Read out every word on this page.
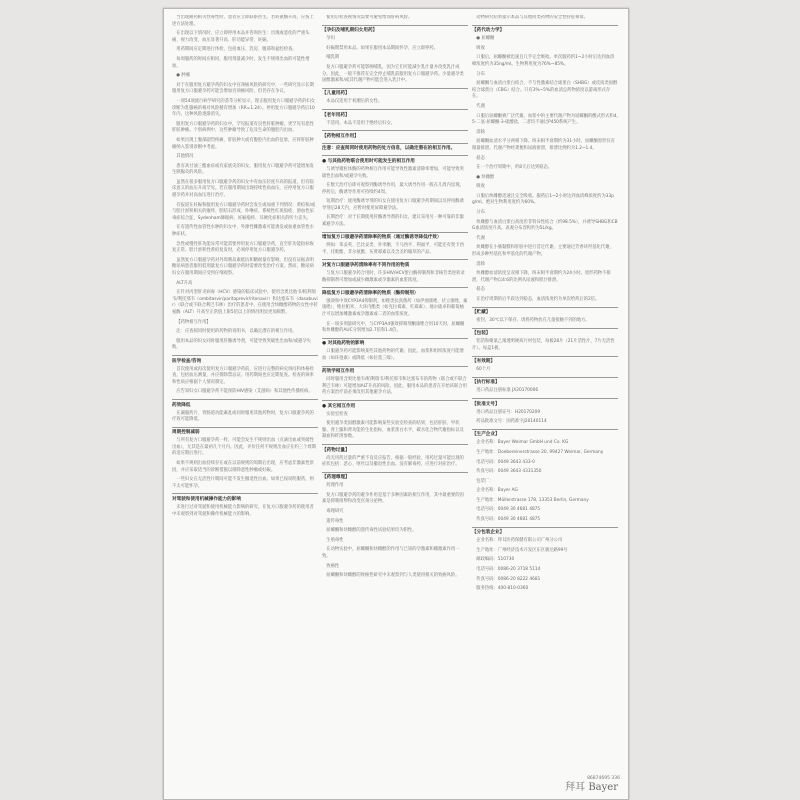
当出现耐药相关性毒性时，患者应立即联系医生。若转氨酶升高，应按上述方法处理。
在出现以下情况时，应立即停用本品并咨询医生：出现或恶化的严重头痛、视力改变、血压显著升高、肝功能异常、妊娠。
用药期间应定期进行体检，包括血压、乳房、腹部和盆腔检查。
每周服药的时间应相同，服用剂量减少时，发生不规则出血的可能性增加。
● 肿瘤
对于在服用复方避孕药的妇女中宫颈癌风险的研究中，一些研究显示长期服用复方口服避孕药可能会增加宫颈癌风险，但仍存在争议。
一项54项流行病学研究的荟萃分析显示，现正服用复方口服避孕药的妇女诊断为乳腺癌的相对风险稍有增加（RR=1.24）。停用复方口服避孕药后10年内，这种风险逐渐消失。
服用复方口服避孕药的妇女中，罕见报道有良性肝脏肿瘤，更罕见有恶性肝脏肿瘤。个别病例中，这些肿瘤导致了危及生命的腹腔内出血。
如果出现上腹部剧烈疼痛、肝脏肿大或有腹腔内出血的征象，应将肝脏肿瘤纳入鉴别诊断中考虑。
其他情况
患有高甘油三酯血症或有家族史的妇女，服用复方口服避孕药可能增加发生胰腺炎的风险。
虽然在很多服用复方口服避孕药的妇女中有血压轻度升高的报道，但有临床意义的血压升高罕见。若在服用期间出现持续性高血压，应停用复方口服避孕药并对高血压进行治疗。
有报道在妊娠和服用复方口服避孕药时会发生或加重下列情况：黄疸和/或与胆汁淤积相关的瘙痒、胆结石形成、卟啉症、系统性红斑狼疮、溶血性尿毒症综合征、Sydenham舞蹈病、妊娠疱疹、耳硬化症相关的听力丧失。
在有遗传性血管性水肿的妇女中，外源性雌激素可能诱发或加重血管性水肿症状。
急性或慢性肝功能异常可能需要停用复方口服避孕药，直至肝功能指标恢复正常。胆汁淤积性黄疸复发时，必须停用复方口服避孕药。
虽然复方口服避孕药对外周胰岛素抵抗和糖耐量有影响，但没有证据表明糖尿病患者服用低剂量复方口服避孕药时需要改变治疗方案。然而，糖尿病妇女在服用期间应受到仔细观察。
ALT升高
在针对丙型肝炎病毒（HCV）感染的临床试验中，使用含奥比他韦/帕利瑞韦/利托那韦（ombitasvir/paritaprevir/ritonavir）和达塞布韦（dasabuvir）（联合或不联合利巴韦林）治疗的患者中，在使用含炔雌醇药物的女性中转氨酶（ALT）升高至正常值上限5倍以上的情况明显更加频繁。
【药物相互作用】
注：应查阅同时使用的药物的说明书，以确定潜在的相互作用。
服用本品的妇女同时服用肝酶诱导剂，可能导致突破性出血和/或避孕失败。
医学检查/咨询
首次使用或再次使用复方口服避孕药前，应进行完整的病史询问和体格检查，包括血压测量，并应排除禁忌证。用药期间也应定期复查。检查的频率和性质应根据个人情况制定。
应告知妇女口服避孕药不能预防HIV感染（艾滋病）和其他性传播疾病。
药效降低
在漏服药片、胃肠道功能紊乱或同时服用其他药物时，复方口服避孕药的疗效可能降低。
周期控制减弱
与所有复方口服避孕药一样，可能会发生不规则出血（点滴出血或突破性出血），尤其是在最初几个月内。因此，评价任何不规则出血应在约三个周期的适应期后进行。
如果不规则出血持续存在或在以前规则的周期后出现，应考虑非激素性原因，并应采取适当的诊断措施以排除恶性肿瘤或妊娠。
一些妇女在无活性片期间可能不发生撤退性出血。如果已按说明服药，则不太可能怀孕。
对驾驶和使用机械操作能力的影响
未进行过对驾驶和使用机械能力影响的研究。在复方口服避孕药的使用者中未观察到对驾驶和操作机械能力的影响。
使用后检查视情况需要可避免增加肝病风险。
【孕妇及哺乳期妇女用药】
孕妇
妊娠期禁用本品。如果在服用本品期间怀孕，应立即停药。
哺乳期
复方口服避孕药可能影响哺乳，因为它们可能减少乳汁量并改变乳汁成分。因此，一般不推荐在完全停止哺乳前服用复方口服避孕药。少量避孕类固醇激素和/或其代谢产物可能会进入乳汁中。
【儿童用药】
本品仅适用于初潮后的女性。
【老年用药】
不适用。本品不适用于绝经后妇女。
【药物相互作用】
注意：应查阅同时使用药物的处方信息，以确定潜在的相互作用。
● 与其他药物联合使用时可能发生的相互作用
与诱导微粒体酶的药物相互作用可能导致性激素清除率增加，可能导致突破性出血和/或避孕失败。
在数天治疗后即可观察到酶诱导作用，最大诱导作用一般在几周内显现。停药后，酶诱导作用可持续约4周。
短期治疗：使用酶诱导剂的妇女在使用复方口服避孕药期间以及停用酶诱导剂后28天内，应暂时使用屏障避孕法。
长期治疗：对于长期使用肝酶诱导剂的妇女，建议采用另一种可靠的非激素避孕方法。
增加复方口服避孕药清除率的物质（通过酶诱导降低疗效）
例如：苯妥英、巴比妥类、扑米酮、卡马西平、利福平，可能还有奥卡西平、托吡酯、非尔氨酯、灰黄霉素以及含圣约翰草的产品。
对复方口服避孕药清除率有不同作用的物质
与复方口服避孕药合用时，许多HIV/HCV蛋白酶抑制剂和非核苷类逆转录酶抑制剂可增加或减少雌激素或孕激素的血浆浓度。
降低复方口服避孕药清除率的物质（酶抑制剂）
强效和中效CYP3A4抑制剂，如唑类抗真菌药（如伊曲康唑、伏立康唑、氟康唑）、维拉帕米、大环内酯类（如克拉霉素、红霉素）、地尔硫卓和葡萄柚汁可以增加雌激素或孕激素或二者的血浆浓度。
在一项多剂量研究中，与CYP3A4强效抑制剂酮康唑合用10天时，屈螺酮和炔雌醇的AUC分别增加2.7倍和1.4倍。
● 对其他药物的影响
口服避孕药可能影响某些其他药物的代谢。因此，血浆和组织浓度可能增加（如环孢素）或降低（如拉莫三嗪）。
药效学相互作用
同时服用含奥比他韦/帕利瑞韦/利托那韦和达塞布韦的药物（联合或不联合利巴韦林）可能增加ALT升高的风险。因此，服用本品的患者在开始该联合用药方案治疗前必须改用其他避孕方法。
● 其它相互作用
实验室检查
使用避孕类固醇激素可能影响某些实验室检查的结果，包括肝脏、甲状腺、肾上腺和肾功能的生化指标，血浆蛋白水平，碳水化合物代谢指标以及凝血和纤溶参数。
【药物过量】
尚无用药过量的严重不良反应报告。根据一般经验，用药过量可能出现的症状包括：恶心、呕吐以及撤退性出血。没有解毒药，应进行对症治疗。
【药理毒理】
药理作用
复方口服避孕药的避孕作用是基于多种因素的相互作用，其中最重要的因素是抑制排卵和改变宫颈分泌物。
毒理研究
遗传毒性
屈螺酮和炔雌醇的遗传毒性试验结果均为阴性。
生殖毒性
在动物实验中，屈螺酮和炔雌醇的作用与已知的孕激素和雌激素作用一致。
致癌性
屈螺酮和炔雌醇的致癌性研究中未观察到与人类使用相关的致癌风险。
动物研究结果提示本品与其他同类药物的安全性特征相似。
【药代动力学】
● 屈螺酮
吸收
口服后，屈螺酮被迅速且几乎完全吸收。单次服药约1~2小时后达到血清峰浓度约为35ng/ml。生物利用度为76%~85%。
分布
屈螺酮与血清白蛋白结合，不与性激素结合球蛋白（SHBG）或皮质类固醇结合球蛋白（CBG）结合。只有3%~5%的血清总药物浓度以游离形式存在。
代谢
口服后屈螺酮被广泛代谢。血浆中的主要代谢产物为屈螺酮的酸式形式和4,5-二氢-屈螺酮-3-硫酸盐，二者均不通过P450系统产生。
消除
屈螺酮血清水平分两相下降。终末相半衰期约为31小时。屈螺酮原形仅有微量排泄。代谢产物经粪便和尿液排泄，排泄比例约为1.2~1.4。
稳态
在一个治疗周期中，约8天后达到稳态。
● 炔雌醇
吸收
口服后炔雌醇迅速且完全吸收。服药后1~2小时达到血清峰浓度约为33pg/ml。绝对生物利用度约为60%。
分布
炔雌醇与血清白蛋白高度但非特异性结合（约98.5%），并诱导SHBG和CBG血清浓度升高。表观分布容积约为5L/kg。
代谢
炔雌醇在小肠黏膜和肝脏中进行首过代谢，主要通过芳香环羟基化代谢，形成多种羟基化和甲基化的代谢产物。
消除
炔雌醇血清浓度呈双相下降，终末相半衰期约为24小时。原形药物不排泄，代谢产物以4:6的比例从尿液和胆汁排泄。
稳态
在治疗周期的后半段达到稳态，血清浓度约为单次给药后的2倍。
【贮藏】
密封，30℃以下保存。请将药物放在儿童接触不到的地方。
【包装】
铝箔和聚氯乙烯透明硬质片材包装，每板28片（21片活性片，7片无活性片）。每盒1板。
【有效期】
60个月
【执行标准】
进口药品注册标准 JX20170006
【批准文号】
进口药品注册证号：H20170209
药品批准文号：国药准字J20140114
【生产企业】
企业名称：Bayer Weimar GmbH und Co. KG
生产地址：Doebereinerstrasse 20, 99427 Weimar, Germany
电话号码：0049 3643 433-0
传真号码：0049 3643 4331350
包装厂：
企业名称：Bayer AG
生产地址：Müllerstrasse 178, 13353 Berlin, Germany
电话号码：0049 30 4681 4875
传真号码：0049 30 4681 4875
【分包装企业】
企业名称：拜耳医药保健有限公司广州分公司
生产地址：广州经济技术开发区东区骏达路99号
邮政编码：510730
电话号码：0086-20 3718 5114
传真号码：0086-20 8222 4681
服务热线：400-810-0360
86874695 336
拜耳 Bayer
